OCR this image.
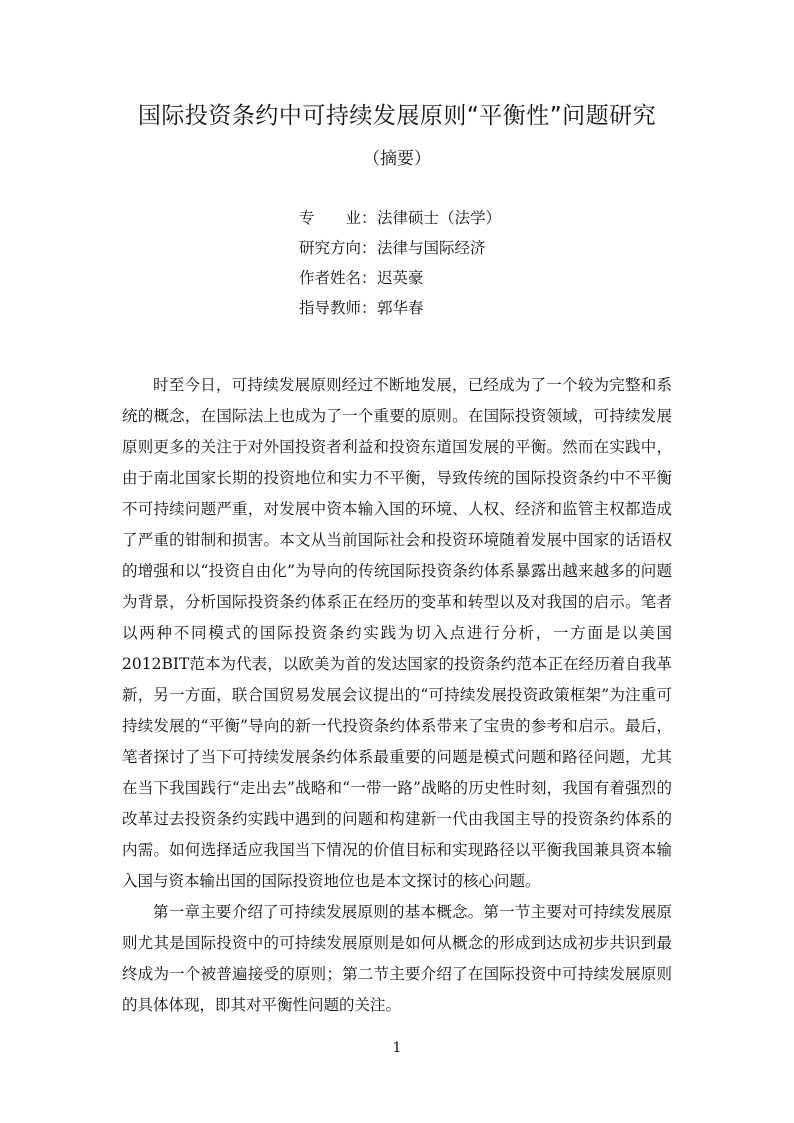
国际投资条约中可持续发展原则“平衡性”问题研究
（摘要）
专　　业：法律硕士（法学）
研究方向：法律与国际经济
作者姓名：迟英豪
指导教师：郭华春

时至今日，可持续发展原则经过不断地发展，已经成为了一个较为完整和系统的概念，在国际法上也成为了一个重要的原则。在国际投资领域，可持续发展原则更多的关注于对外国投资者利益和投资东道国发展的平衡。然而在实践中，由于南北国家长期的投资地位和实力不平衡，导致传统的国际投资条约中不平衡不可持续问题严重，对发展中资本输入国的环境、人权、经济和监管主权都造成了严重的钳制和损害。本文从当前国际社会和投资环境随着发展中国家的话语权的增强和以“投资自由化”为导向的传统国际投资条约体系暴露出越来越多的问题为背景，分析国际投资条约体系正在经历的变革和转型以及对我国的启示。笔者以两种不同模式的国际投资条约实践为切入点进行分析，一方面是以美国2012BIT范本为代表，以欧美为首的发达国家的投资条约范本正在经历着自我革新，另一方面，联合国贸易发展会议提出的“可持续发展投资政策框架”为注重可持续发展的“平衡”导向的新一代投资条约体系带来了宝贵的参考和启示。最后，笔者探讨了当下可持续发展条约体系最重要的问题是模式问题和路径问题，尤其在当下我国践行“走出去”战略和“一带一路”战略的历史性时刻，我国有着强烈的改革过去投资条约实践中遇到的问题和构建新一代由我国主导的投资条约体系的内需。如何选择适应我国当下情况的价值目标和实现路径以平衡我国兼具资本输入国与资本输出国的国际投资地位也是本文探讨的核心问题。

第一章主要介绍了可持续发展原则的基本概念。第一节主要对可持续发展原则尤其是国际投资中的可持续发展原则是如何从概念的形成到达成初步共识到最终成为一个被普遍接受的原则；第二节主要介绍了在国际投资中可持续发展原则的具体体现，即其对平衡性问题的关注。

1
